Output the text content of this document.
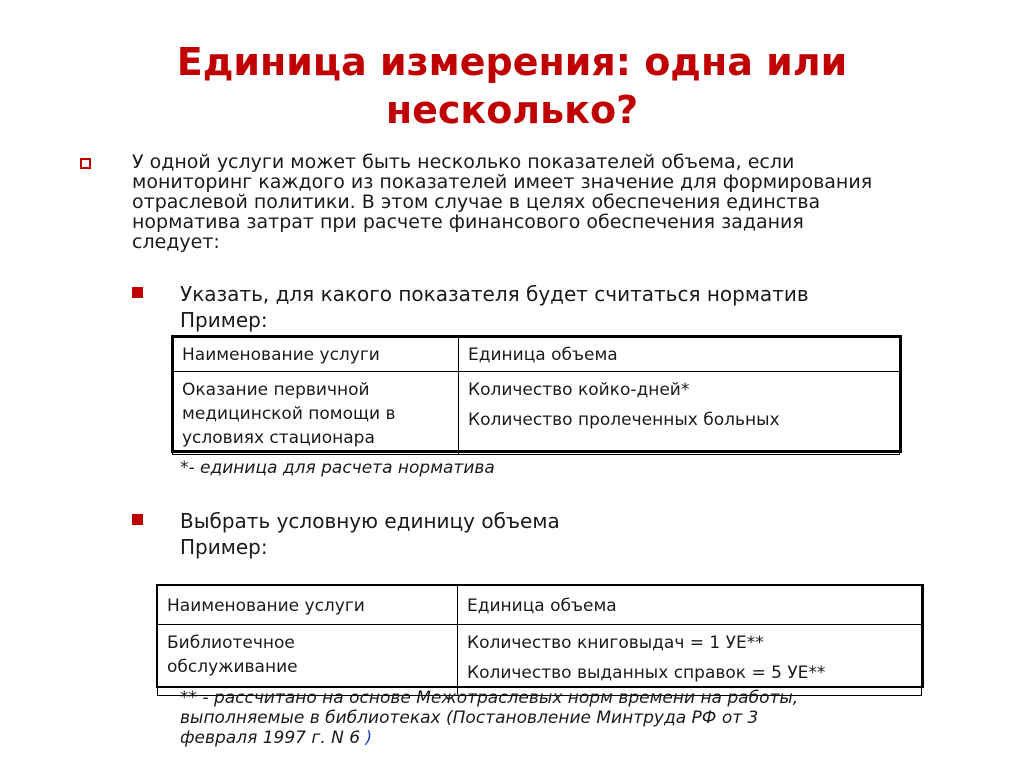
Единица измерения: одна или
несколько?
У одной услуги может быть несколько показателей объема, если мониторинг каждого из показателей имеет значение для формирования отраслевой политики. В этом случае в целях обеспечения единства норматива затрат при расчете финансового обеспечения задания следует:
Указать, для какого показателя будет считаться норматив
Пример:
Наименование услуги	Единица объема

Оказание первичной
медицинской помощи в
условиях стационара	Количество койко-дней*
Количество пролеченных больных
*- единица для расчета норматива
Выбрать условную единицу объема
Пример:
Наименование услуги	Единица объема

Библиотечное
обслуживание	Количество книговыдач = 1 УЕ**
Количество выданных справок = 5 УЕ**
** - рассчитано на основе Межотраслевых норм времени на работы,
выполняемые в библиотеках (Постановление Минтруда РФ от 3
февраля 1997 г. N 6 )
